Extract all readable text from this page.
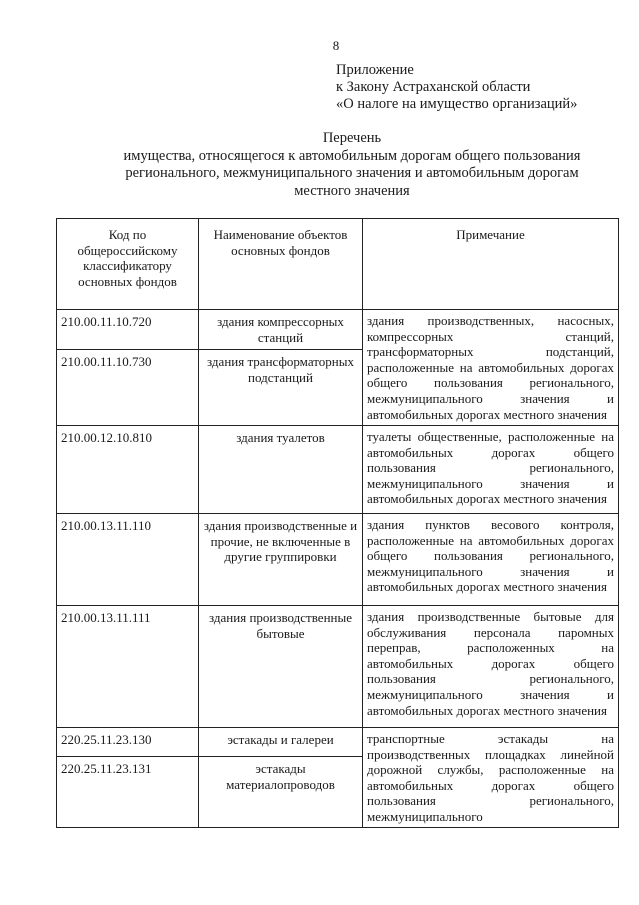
8
Приложение
к Закону Астраханской области
«О налоге на имущество организаций»
Перечень
имущества, относящегося к автомобильным дорогам общего пользования
регионального, межмуниципального значения и автомобильным дорогам
местного значения
Код по общероссийскому классификатору основных фондов	Наименование объектов основных фондов	Примечание
210.00.11.10.720	здания компрессорных станций	здания производственных, насосных, компрессорных станций, трансформаторных подстанций, расположенные на автомобильных дорогах общего пользования регионального, межмуниципального значения и автомобильных дорогах местного значения
210.00.11.10.730	здания трансформаторных подстанций	
210.00.12.10.810	здания туалетов	туалеты общественные, расположенные на автомобильных дорогах общего пользования регионального, межмуниципального значения и автомобильных дорогах местного значения
210.00.13.11.110	здания производственные и прочие, не включенные в другие группировки	здания пунктов весового контроля, расположенные на автомобильных дорогах общего пользования регионального, межмуниципального значения и автомобильных дорогах местного значения
210.00.13.11.111	здания производственные бытовые	здания производственные бытовые для обслуживания персонала паромных переправ, расположенных на автомобильных дорогах общего пользования регионального, межмуниципального значения и автомобильных дорогах местного значения
220.25.11.23.130	эстакады и галереи	транспортные эстакады на производственных площадках линейной дорожной службы, расположенные на автомобильных дорогах общего пользования регионального, межмуниципального
220.25.11.23.131	эстакады материалопроводов	
